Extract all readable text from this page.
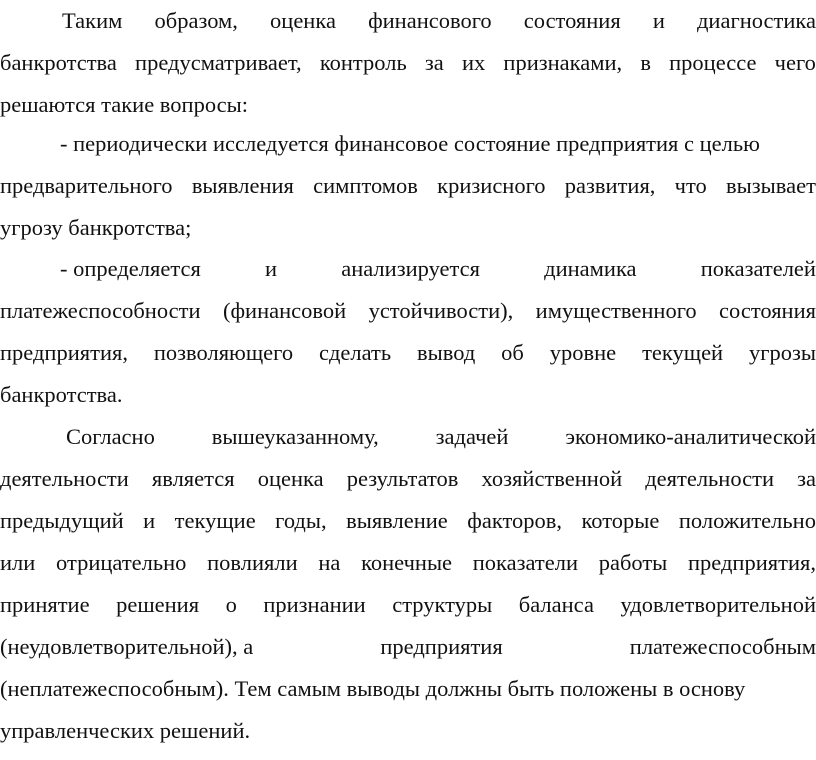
Таким образом, оценка финансового состояния и диагностика
банкротства предусматривает, контроль за их признаками, в процессе чего
решаются такие вопросы:
- периодически исследуется финансовое состояние предприятия с целью
предварительного выявления симптомов кризисного развития, что вызывает
угрозу банкротства;
- определяется	и	анализируется	динамика	показателей
платежеспособности (финансовой устойчивости), имущественного состояния
предприятия, позволяющего сделать вывод об уровне текущей угрозы
банкротства.
Согласно	вышеуказанному,	задачей	экономико-аналитической
деятельности является оценка результатов хозяйственной деятельности за
предыдущий и текущие годы, выявление факторов, которые положительно
или отрицательно повлияли на конечные показатели работы предприятия,
принятие решения о признании структуры баланса удовлетворительной
(неудовлетворительной), а	предприятия	платежеспособным
(неплатежеспособным). Тем самым выводы должны быть положены в основу
управленческих решений.
